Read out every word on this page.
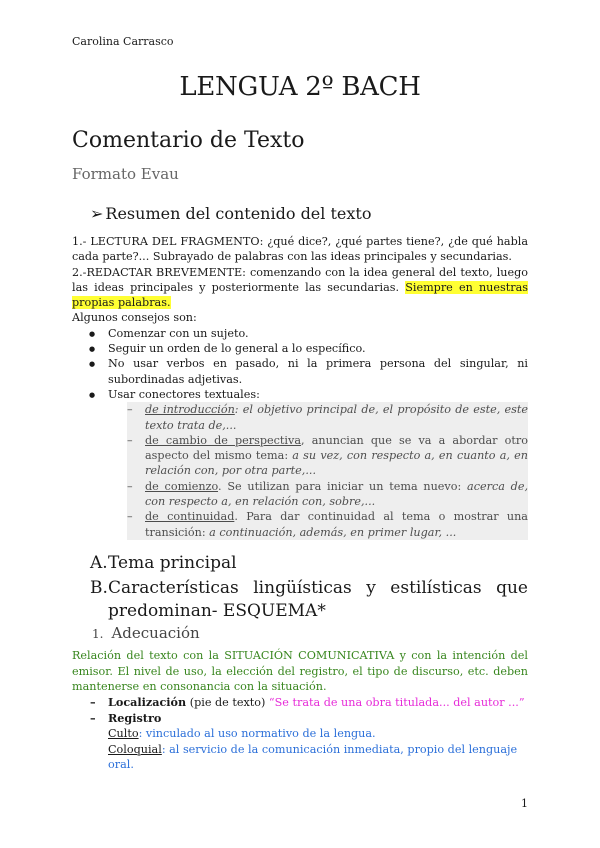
Carolina Carrasco
LENGUA 2º BACH
Comentario de Texto
Formato Evau
➢ Resumen del contenido del texto

1.- LECTURA DEL FRAGMENTO: ¿qué dice?, ¿qué partes tiene?, ¿de qué habla cada parte?... Subrayado de palabras con las ideas principales y secundarias.

2.-REDACTAR BREVEMENTE: comenzando con la idea general del texto, luego las ideas principales y posteriormente las secundarias. Siempre en nuestras propias palabras.

Algunos consejos son:

● Comenzar con un sujeto.
● Seguir un orden de lo general a lo específico.
● No usar verbos en pasado, ni la primera persona del singular, ni subordinadas adjetivas.
● Usar conectores textuales:
– de introducción: el objetivo principal de, el propósito de este, este texto trata de,...
– de cambio de perspectiva, anuncian que se va a abordar otro aspecto del mismo tema: a su vez, con respecto a, en cuanto a, en relación con, por otra parte,...
– de comienzo. Se utilizan para iniciar un tema nuevo: acerca de, con respecto a, en relación con, sobre,...
– de continuidad. Para dar continuidad al tema o mostrar una transición: a continuación, además, en primer lugar, ...
A. Tema principal
B. Características lingüísticas y estilísticas que
predominan- ESQUEMA*
1. Adecuación
Relación del texto con la SITUACIÓN COMUNICATIVA y con la intención del emisor. El nivel de uso, la elección del registro, el tipo de discurso, etc. deben mantenerse en consonancia con la situación.
– Localización (pie de texto) “Se trata de una obra titulada... del autor ...”
– Registro
Culto: vinculado al uso normativo de la lengua.
Coloquial: al servicio de la comunicación inmediata, propio del lenguaje oral.
1
